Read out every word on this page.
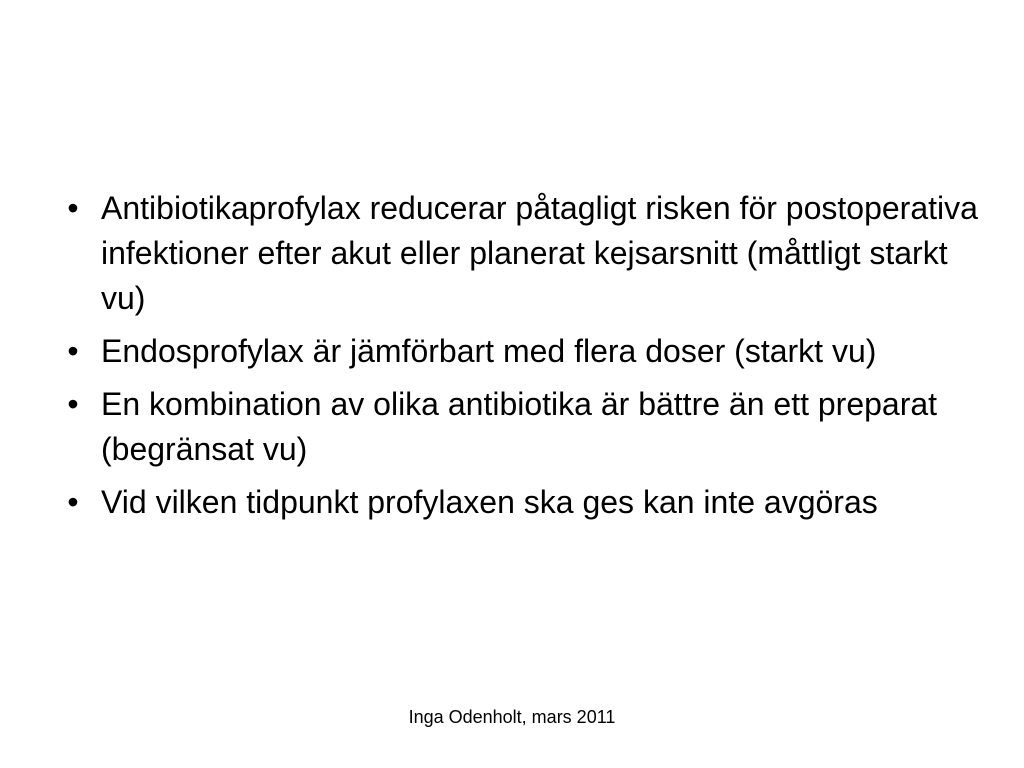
• Antibiotikaprofylax reducerar påtagligt risken för postoperativa infektioner efter akut eller planerat kejsarsnitt (måttligt starkt vu)
• Endosprofylax är jämförbart med flera doser (starkt vu)
• En kombination av olika antibiotika är bättre än ett preparat (begränsat vu)
• Vid vilken tidpunkt profylaxen ska ges kan inte avgöras
Inga Odenholt, mars 2011
